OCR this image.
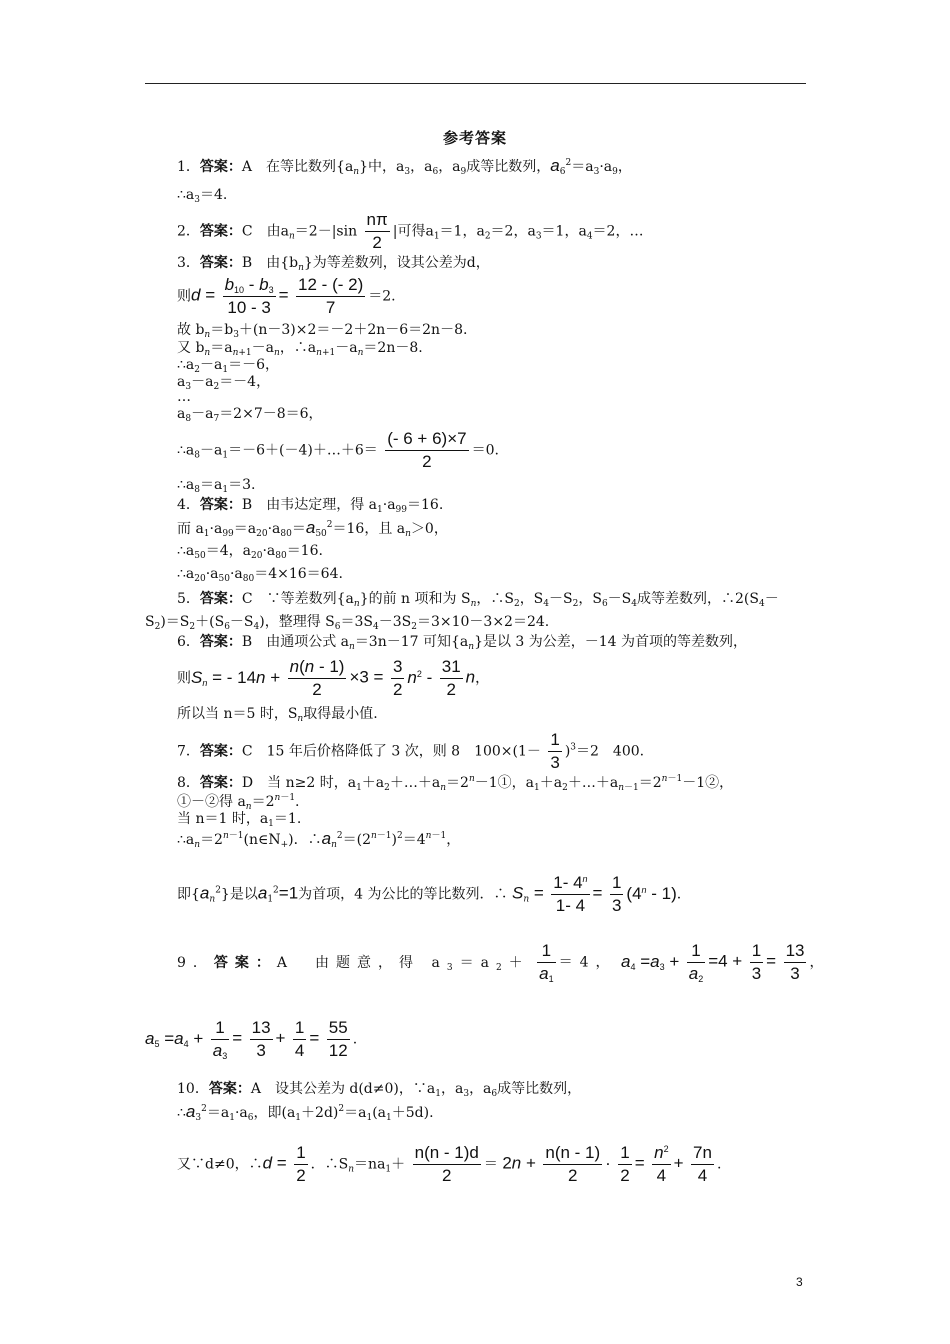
参考答案
1．答案：A　在等比数列$\{a_n\}$中，$a_3$，$a_6$，$a_9$成等比数列，$a_6^2=a_3\cdot a_9$，
$\therefore a_3=4$.
2．答案：C　由$a_n=2-|\sin \frac{n\pi}{2}$ |可得$a_1=1$，$a_2=2$，$a_3=1$，$a_4=2$，…
3．答案：B　由$\{b_n\}$为等差数列，设其公差为d，
则$d = \frac{b_{10} - b_3}{10 - 3} = \frac{12 - (- 2)}{7} =2$.
故 $b_n=b_3+(n-3)\times 2=-2+2n-6=2n-8$.
又 $b_n=a_{n+1}-a_n$，$\therefore a_{n+1}-a_n=2n-8$.
$\therefore a_2-a_1=-6$，
$a_3-a_2=-4$，
…
$a_8-a_7=2\times 7-8=6$，
$\therefore a_8-a_1=-6+(-4)+\dots+6= \frac{(- 6 + 6)\times 7}{2} =0$.
$\therefore a_8=a_1=3$.
4．答案：B　由韦达定理，得 $a_1\cdot a_{99}=16$.
而 $a_1\cdot a_{99}=a_{20}\cdot a_{80}=a_{50}^2=16$，且 $a_n>0$，
$\therefore a_{50}=4$，$a_{20}\cdot a_{80}=16$.
$\therefore a_{20}\cdot a_{50}\cdot a_{80}=4\times 16=64$.
5．答案：C　∵等差数列$\{a_n\}$的前 n 项和为 $S_n$，$\therefore S_2$，$S_4-S_2$，$S_6-S_4$成等差数列，$\therefore 2(S_4-$
$S_2)=S_2+(S_6-S_4)$，整理得 $S_6=3S_4-3S_2=3\times 10-3\times 2=24$.
6．答案：B　由通项公式 $a_n=3n-17$ 可知$\{a_n\}$是以 3 为公差，－14 为首项的等差数列，
则$S_n$ = - $14n + \frac{n(n - 1)}{2} \times 3 = \frac{3}{2} n^2 - \frac{31}{2}$ n，
所以当 n＝5 时，$S_n$取得最小值.
7．答案：C　15 年后价格降低了 3 次，则 8　$100\times(1- \frac{1}{3} )^3=2$　400.
8．答案：D　当 n≥2 时，$a_1+a_2+\dots+a_n=2^n-1①$，$a_1+a_2+\dots+a_{n-1}=2^{n-1}-1②$，
①－②得 $a_n=2^{n-1}$.
当 n＝1 时，$a_1=1$.
$\therefore a_n=2^{n-1}(n\in N_+)$．$\therefore a_n^2=(2^{n-1})^2=4^{n-1}$，
即$\{a_n^2\}$是以$a_1^2=1$为首项，4 为公比的等比数列．∴ $S_n = \frac{1- 4^n}{1- 4} = \frac{1}{3} (4^n - 1)$.
9．答案：A　由题意，得 $a_3=a_2+ \frac{1}{a_1} =4$， $a_4 =a_3 + \frac{1}{a_2} =4 + \frac{1}{3} = \frac{13}{3}$ ，
$a_5 =a_4 + \frac{1}{a_3} = \frac{13}{3} + \frac{1}{4} = \frac{55}{12}$ .
10．答案：A　设其公差为 d(d≠0)，$\because a_1$，$a_3$，$a_6$成等比数列，
$\therefore a_3^2=a_1\cdot a_6$，即$(a_1+2d)^2=a_1(a_1+5d)$.
又∵d≠0，∴d = $\frac{1}{2}$ ．$\therefore S_n=na_1+ \frac{n(n - 1)d}{2} = 2n + \frac{n(n - 1)}{2} \cdot \frac{1}{2} = \frac{n^2}{4} + \frac{7n}{4}$ .
3
